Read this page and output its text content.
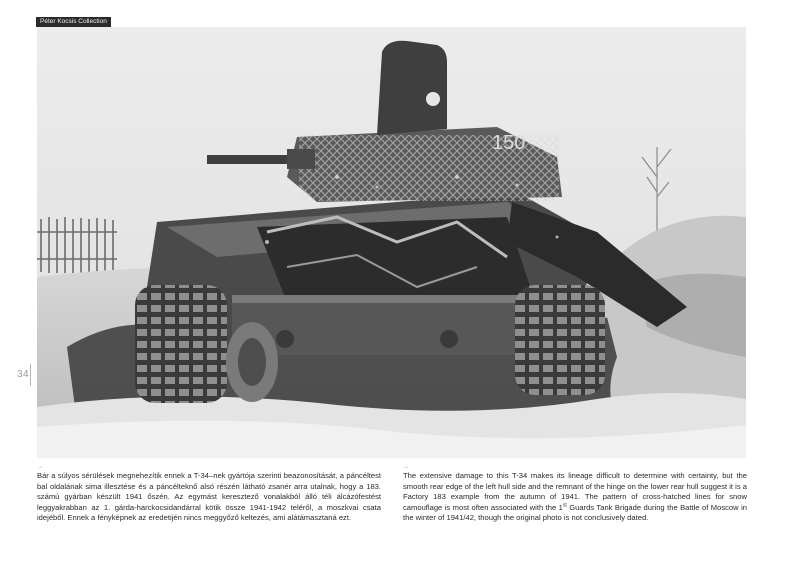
Péter Kocsis Collection
150
34
→
Bár a súlyos sérülések megnehezítik ennek a T-34–nek gyártója szerinti beazonosítását, a páncéltest bal oldalának sima illesztése és a páncélteknő alsó részén látható zsanér arra utalnak, hogy a 183. számú gyárban készült 1941 őszén. Az egymást keresztező vonalakból álló téli álcázófestést leggyakrabban az 1. gárda-harckocsidandárral kötik össze 1941-1942 teléről, a moszkvai csata idejéből. Ennek a fényképnek az eredetijén nincs meggyőző keltezés, ami alátámasztaná ezt.
→
The extensive damage to this T-34 makes its lineage difficult to determine with certainty, but the smooth rear edge of the left hull side and the remnant of the hinge on the lower rear hull suggest it is a Factory 183 example from the autumn of 1941. The pattern of cross-hatched lines for snow camouflage is most often associated with the 1st Guards Tank Brigade during the Battle of Moscow in the winter of 1941/42, though the original photo is not conclusively dated.
